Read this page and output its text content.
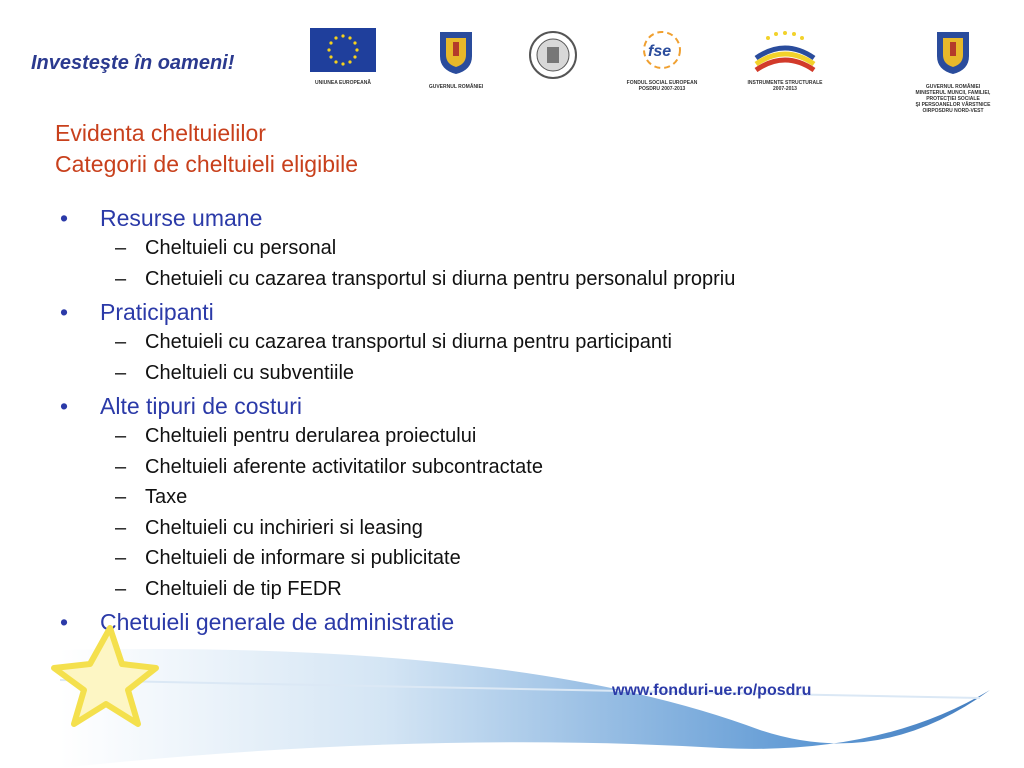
Investeşte în oameni!
UNIUNEA EUROPEANĂ
GUVERNUL ROMÂNIEI
fse
FONDUL SOCIAL EUROPEAN
POSDRU 2007-2013
INSTRUMENTE STRUCTURALE
2007-2013	GUVERNUL ROMÂNIEI
MINISTERUL MUNCII, FAMILIEI,
PROTECŢIEI SOCIALE
ŞI PERSOANELOR VÂRSTNICE
OIRPOSDRU NORD-VEST
Evidenta cheltuielilor
Categorii de cheltuieli eligibile
• Resurse umane
– Cheltuieli cu personal
– Chetuieli cu cazarea transportul si diurna pentru personalul propriu
• Praticipanti
– Chetuieli cu cazarea transportul si diurna pentru participanti
– Cheltuieli cu subventiile
• Alte tipuri de costuri
– Cheltuieli pentru derularea proiectului
– Cheltuieli aferente activitatilor subcontractate
– Taxe
– Cheltuieli cu inchirieri si leasing
– Cheltuieli de informare si publicitate
– Cheltuieli de tip FEDR
• Chetuieli generale de administratie
www.fonduri-ue.ro/posdru
